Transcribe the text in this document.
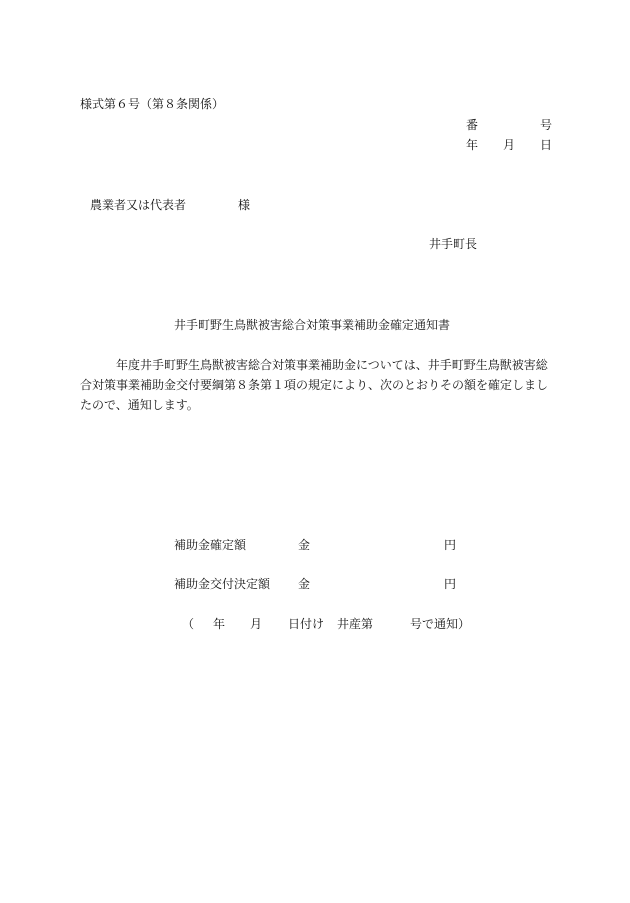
様式第６号（第８条関係）
番	号
年 月 日
農業者又は代表者	様
井手町長
井手町野生鳥獣被害総合対策事業補助金確定通知書
年度井手町野生鳥獣被害総合対策事業補助金については、井手町野生鳥獣被害総合対策事業補助金交付要綱第８条第１項の規定により、次のとおりその額を確定しましたので、通知します。
補助金確定額	金	円
補助金交付決定額 金	円
（ 年 月 日付け 井産第	号で通知）
